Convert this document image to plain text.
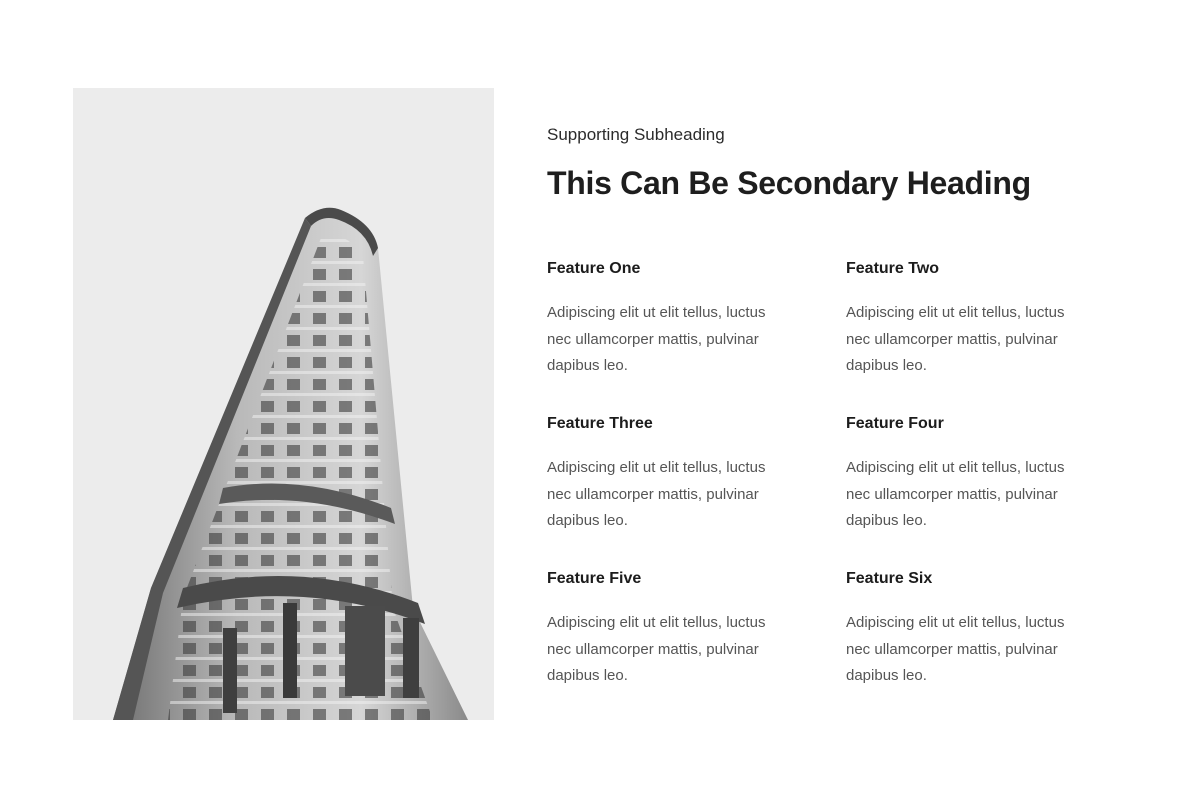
Supporting Subheading

This Can Be Secondary Heading

Feature One

Adipiscing elit ut elit tellus, luctus nec ullamcorper mattis, pulvinar dapibus leo.

Feature Two

Adipiscing elit ut elit tellus, luctus nec ullamcorper mattis, pulvinar dapibus leo.

Feature Three

Adipiscing elit ut elit tellus, luctus nec ullamcorper mattis, pulvinar dapibus leo.

Feature Four

Adipiscing elit ut elit tellus, luctus nec ullamcorper mattis, pulvinar dapibus leo.

Feature Five

Adipiscing elit ut elit tellus, luctus nec ullamcorper mattis, pulvinar dapibus leo.

Feature Six

Adipiscing elit ut elit tellus, luctus nec ullamcorper mattis, pulvinar dapibus leo.
